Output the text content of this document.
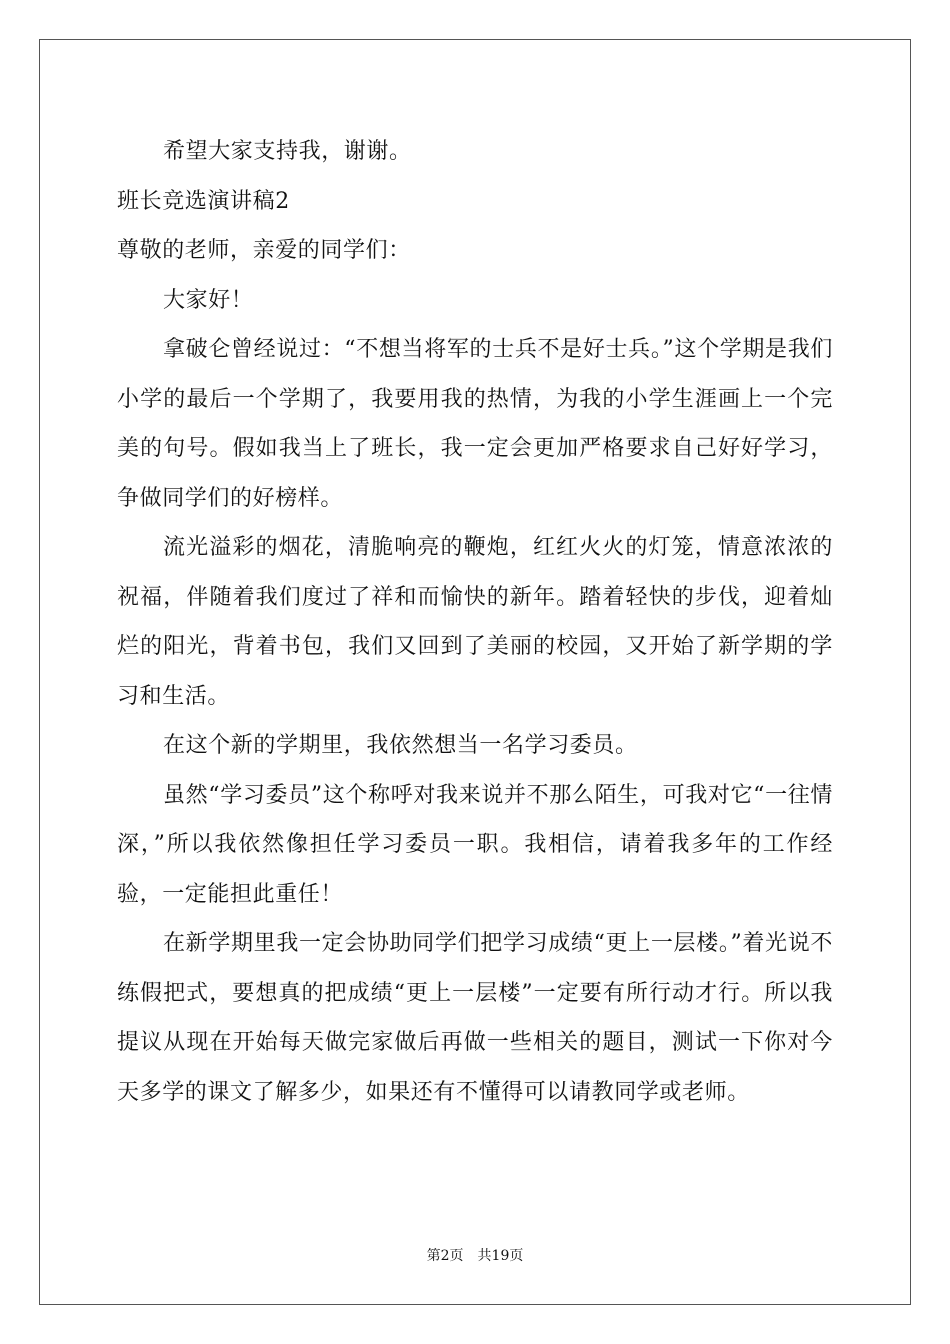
希望大家支持我，谢谢。

班长竞选演讲稿2

尊敬的老师，亲爱的同学们：

大家好！

拿破仑曾经说过：“不想当将军的士兵不是好士兵。”这个学期是我们小学的最后一个学期了，我要用我的热情，为我的小学生涯画上一个完美的句号。假如我当上了班长，我一定会更加严格要求自己好好学习，争做同学们的好榜样。

流光溢彩的烟花，清脆响亮的鞭炮，红红火火的灯笼，情意浓浓的祝福，伴随着我们度过了祥和而愉快的新年。踏着轻快的步伐，迎着灿烂的阳光，背着书包，我们又回到了美丽的校园，又开始了新学期的学习和生活。

在这个新的学期里，我依然想当一名学习委员。

虽然“学习委员”这个称呼对我来说并不那么陌生，可我对它“一往情深，”所以我依然像担任学习委员一职。我相信，请着我多年的工作经验，一定能担此重任！

在新学期里我一定会协助同学们把学习成绩“更上一层楼。”着光说不练假把式，要想真的把成绩“更上一层楼”一定要有所行动才行。所以我提议从现在开始每天做完家做后再做一些相关的题目，测试一下你对今天多学的课文了解多少，如果还有不懂得可以请教同学或老师。

第2页 共19页
